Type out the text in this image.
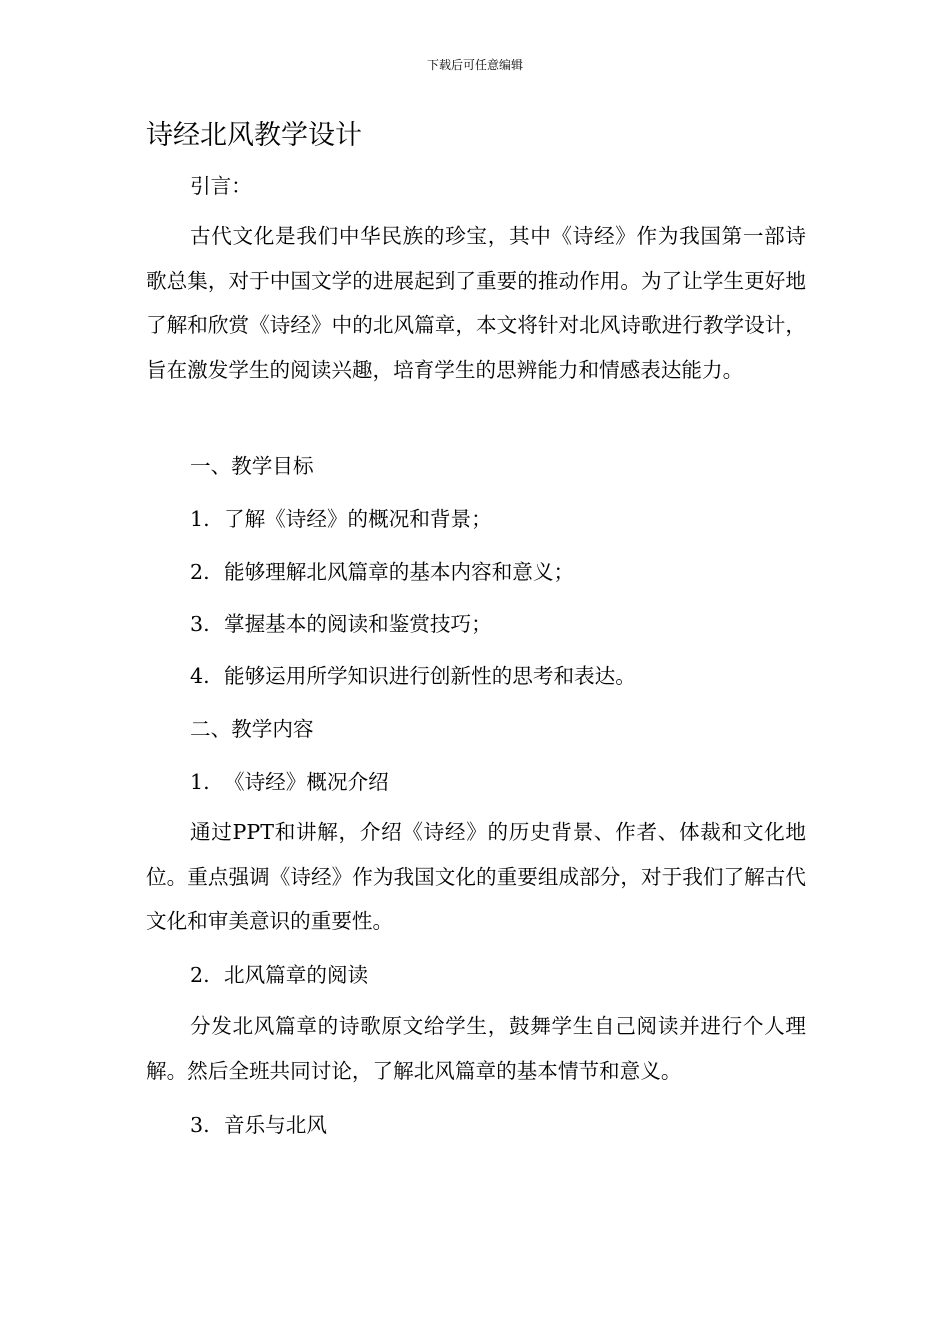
下载后可任意编辑
诗经北风教学设计

引言：

古代文化是我们中华民族的珍宝，其中《诗经》作为我国第一部诗歌总集，对于中国文学的进展起到了重要的推动作用。为了让学生更好地了解和欣赏《诗经》中的北风篇章，本文将针对北风诗歌进行教学设计，旨在激发学生的阅读兴趣，培育学生的思辨能力和情感表达能力。

一、教学目标

1. 了解《诗经》的概况和背景；

2. 能够理解北风篇章的基本内容和意义；

3. 掌握基本的阅读和鉴赏技巧；

4. 能够运用所学知识进行创新性的思考和表达。

二、教学内容

1. 《诗经》概况介绍

通过PPT和讲解，介绍《诗经》的历史背景、作者、体裁和文化地位。重点强调《诗经》作为我国文化的重要组成部分，对于我们了解古代文化和审美意识的重要性。

2. 北风篇章的阅读

分发北风篇章的诗歌原文给学生，鼓舞学生自己阅读并进行个人理解。然后全班共同讨论，了解北风篇章的基本情节和意义。

3. 音乐与北风
